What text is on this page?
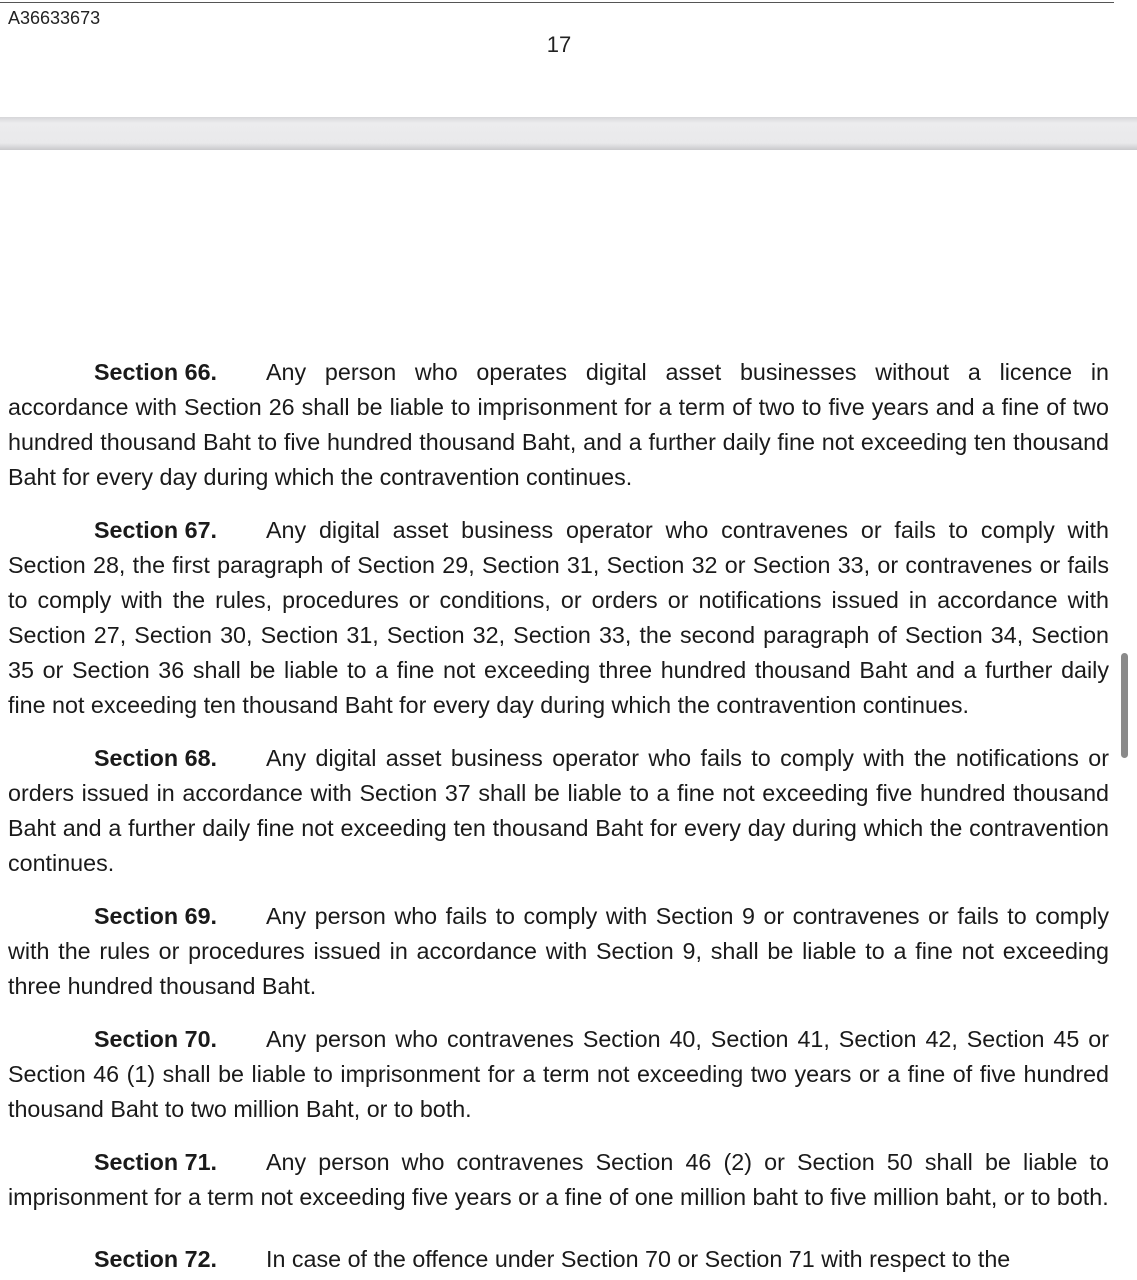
A36633673
17

Section 66. Any person who operates digital asset businesses without a licence in accordance with Section 26 shall be liable to imprisonment for a term of two to five years and a fine of two hundred thousand Baht to five hundred thousand Baht, and a further daily fine not exceeding ten thousand Baht for every day during which the contravention continues.

Section 67. Any digital asset business operator who contravenes or fails to comply with Section 28, the first paragraph of Section 29, Section 31, Section 32 or Section 33, or contravenes or fails to comply with the rules, procedures or conditions, or orders or notifications issued in accordance with Section 27, Section 30, Section 31, Section 32, Section 33, the second paragraph of Section 34, Section 35 or Section 36 shall be liable to a fine not exceeding three hundred thousand Baht and a further daily fine not exceeding ten thousand Baht for every day during which the contravention continues.

Section 68. Any digital asset business operator who fails to comply with the notifications or orders issued in accordance with Section 37 shall be liable to a fine not exceeding five hundred thousand Baht and a further daily fine not exceeding ten thousand Baht for every day during which the contravention continues.

Section 69. Any person who fails to comply with Section 9 or contravenes or fails to comply with the rules or procedures issued in accordance with Section 9, shall be liable to a fine not exceeding three hundred thousand Baht.

Section 70. Any person who contravenes Section 40, Section 41, Section 42, Section 45 or Section 46 (1) shall be liable to imprisonment for a term not exceeding two years or a fine of five hundred thousand Baht to two million Baht, or to both.

Section 71. Any person who contravenes Section 46 (2) or Section 50 shall be liable to imprisonment for a term not exceeding five years or a fine of one million baht to five million baht, or to both.

Section 72. In case of the offence under Section 70 or Section 71 with respect to the
